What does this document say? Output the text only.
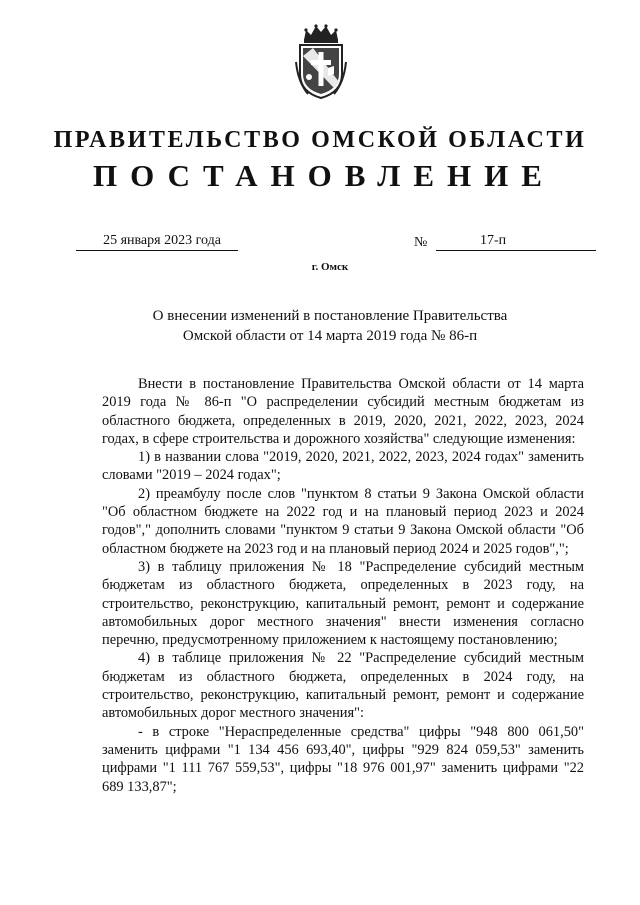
ПРАВИТЕЛЬСТВО ОМСКОЙ ОБЛАСТИ
ПОСТАНОВЛЕНИЕ
25 января 2023 года	№	17-п
г. Омск
О внесении изменений в постановление Правительства
Омской области от 14 марта 2019 года № 86-п

Внести в постановление Правительства Омской области от 14 марта 2019 года № 86-п "О распределении субсидий местным бюджетам из областного бюджета, определенных в 2019, 2020, 2021, 2022, 2023, 2024 годах, в сфере строительства и дорожного хозяйства" следующие изменения:

1) в названии слова "2019, 2020, 2021, 2022, 2023, 2024 годах" заменить словами "2019 – 2024 годах";

2) преамбулу после слов "пунктом 8 статьи 9 Закона Омской области "Об областном бюджете на 2022 год и на плановый период 2023 и 2024 годов"," дополнить словами "пунктом 9 статьи 9 Закона Омской области "Об областном бюджете на 2023 год и на плановый период 2024 и 2025 годов",";

3) в таблицу приложения № 18 "Распределение субсидий местным бюджетам из областного бюджета, определенных в 2023 году, на строительство, реконструкцию, капитальный ремонт, ремонт и содержание автомобильных дорог местного значения" внести изменения согласно перечню, предусмотренному приложением к настоящему постановлению;

4) в таблице приложения № 22 "Распределение субсидий местным бюджетам из областного бюджета, определенных в 2024 году, на строительство, реконструкцию, капитальный ремонт, ремонт и содержание автомобильных дорог местного значения":

- в строке "Нераспределенные средства" цифры "948 800 061,50" заменить цифрами "1 134 456 693,40", цифры "929 824 059,53" заменить цифрами "1 111 767 559,53", цифры "18 976 001,97" заменить цифрами "22 689 133,87";
